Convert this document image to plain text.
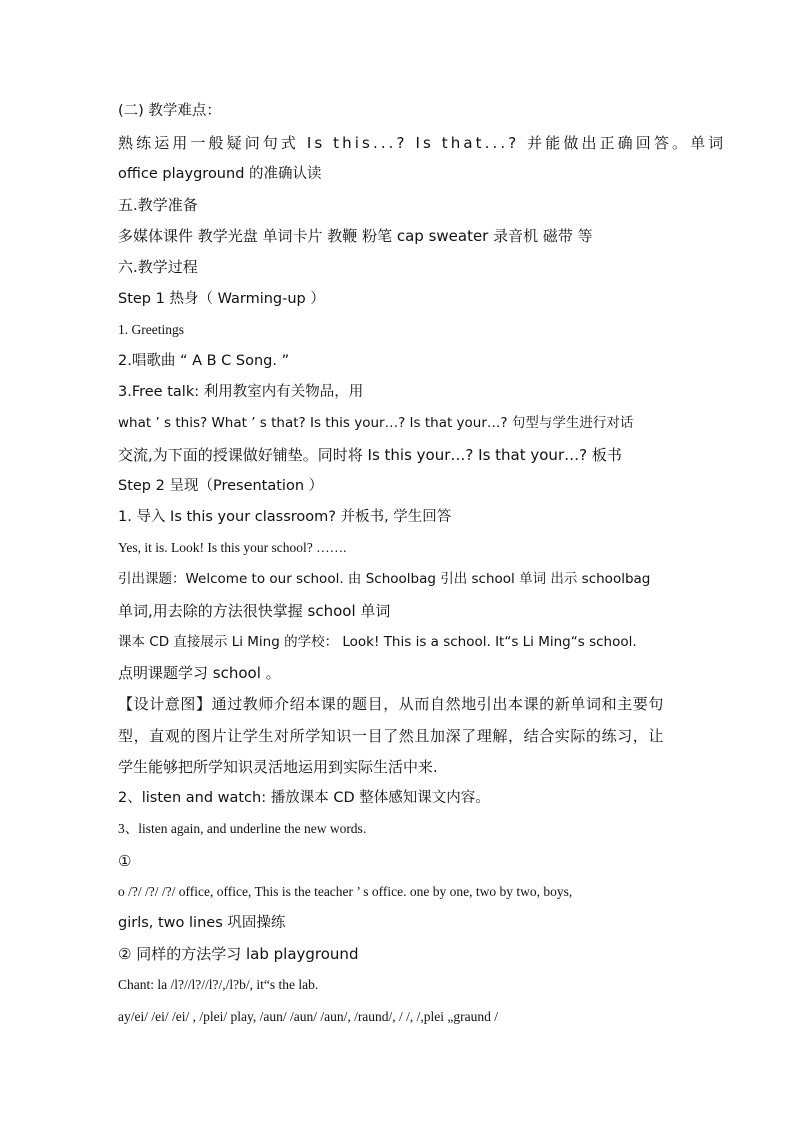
(二) 教学难点：
熟练运用一般疑问句式 Is this...? Is that...? 并能做出正确回答。单词
office playground 的准确认读
五.教学准备
多媒体课件 教学光盘 单词卡片 教鞭 粉笔 cap sweater 录音机 磁带 等
六.教学过程
Step 1 热身（ Warming-up ）
1. Greetings
2.唱歌曲 “ A B C Song. ”
3.Free talk: 利用教室内有关物品，用
what ’ s this? What ’ s that? Is this your…? Is that your…? 句型与学生进行对话
交流,为下面的授课做好铺垫。同时将 Is this your…? Is that your…? 板书
Step 2 呈现（Presentation ）
1. 导入 Is this your classroom? 并板书, 学生回答
Yes, it is. Look! Is this your school? …….
引出课题：Welcome to our school. 由 Schoolbag 引出 school 单词 出示 schoolbag
单词,用去除的方法很快掌握 school 单词
课本 CD 直接展示 Li Ming 的学校： Look! This is a school. It“s Li Ming“s school.
点明课题学习 school 。
【设计意图】通过教师介绍本课的题目，从而自然地引出本课的新单词和主要句
型，直观的图片让学生对所学知识一目了然且加深了理解，结合实际的练习，让
学生能够把所学知识灵活地运用到实际生活中来.
2、listen and watch: 播放课本 CD 整体感知课文内容。
3、listen again, and underline the new words.
①
o /?/ /?/ /?/ office, office, This is the teacher ’ s office. one by one, two by two, boys,
girls, two lines 巩固操练
② 同样的方法学习 lab playground
Chant: la /l?//l?//l?/,/l?b/, it“s the lab.
ay/ei/ /ei/ /ei/ , /plei/ play, /aun/ /aun/ /aun/, /raund/, / /, /,plei „graund /
